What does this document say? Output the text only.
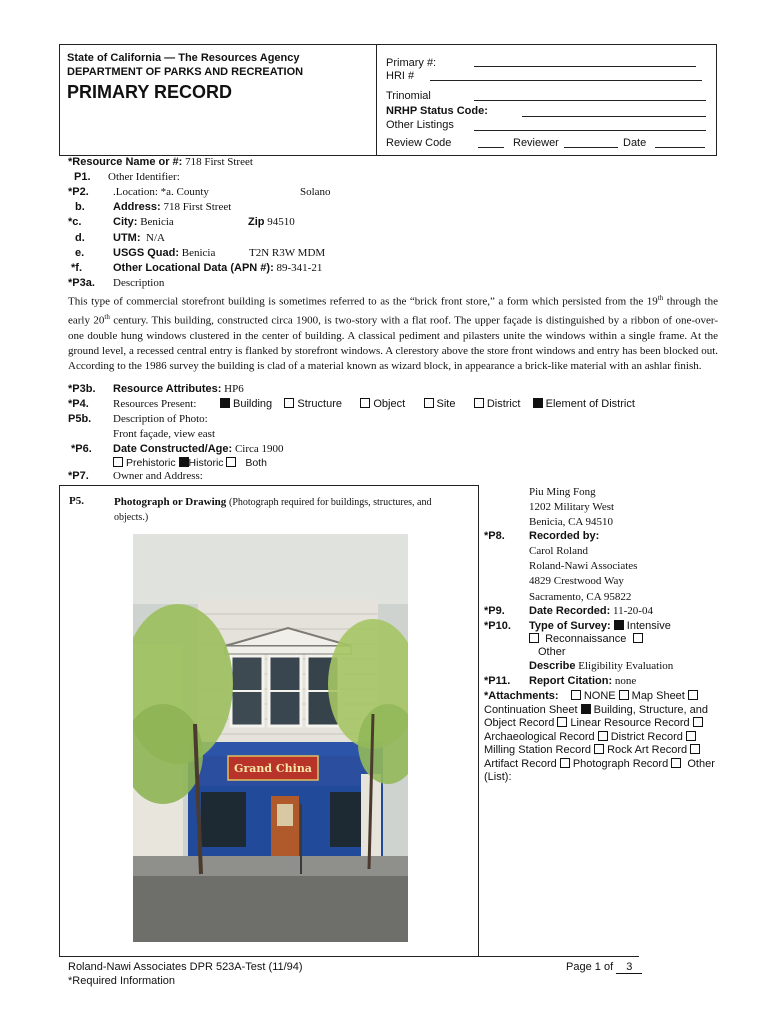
State of California — The Resources Agency
DEPARTMENT OF PARKS AND RECREATION
PRIMARY RECORD
Primary #:
HRI #
Trinomial
NRHP Status Code:
Other Listings
Review Code	Reviewer	Date
*Resource Name or #: 718 First Street
P1. Other Identifier:
*P2. .Location: *a. County	Solano
b.	Address: 718 First Street
*c.	City: Benicia	Zip 94510
d.	UTM: N/A
e.	USGS Quad: Benicia	T2N R3W MDM
*f.	Other Locational Data (APN #): 89-341-21
*P3a. Description
This type of commercial storefront building is sometimes referred to as the “brick front store,” a form which persisted from the 19th through the early 20th century. This building, constructed circa 1900, is two-story with a flat roof. The upper façade is distinguished by a ribbon of one-over-one double hung windows clustered in the center of building. A classical pediment and pilasters unite the windows within a single frame. At the ground level, a recessed central entry is flanked by storefront windows. A clerestory above the store front windows and entry has been blocked out. According to the 1986 survey the building is clad of a material known as wizard block, in appearance a brick-like material with an ashlar finish.
*P3b. Resource Attributes: HP6
*P4. Resources Present:	Building Structure	Object	Site	District Element of District
P5b. Description of Photo:
Front façade, view east
*P6. Date Constructed/Age: Circa 1900
Prehistoric Historic Both
*P7. Owner and Address:
P5.	Photograph or Drawing (Photograph required for buildings, structures, and objects.)
Grand China
Piu Ming Fong
1202 Military West
Benicia, CA 94510
*P8. Recorded by:
Carol Roland
Roland-Nawi Associates
4829 Crestwood Way
Sacramento, CA 95822
*P9. Date Recorded: 11-20-04
*P10. Type of Survey: Intensive
Reconnaissance
Other
Describe Eligibility Evaluation
*P11. Report Citation: none
*Attachments: NONE Map Sheet Continuation Sheet Building, Structure, and Object Record Linear Resource Record Archaeological Record District Record Milling Station Record Rock Art Record Artifact Record Photograph Record Other (List):
Roland-Nawi Associates DPR 523A-Test (11/94)
*Required Information
Page 1 of 3
